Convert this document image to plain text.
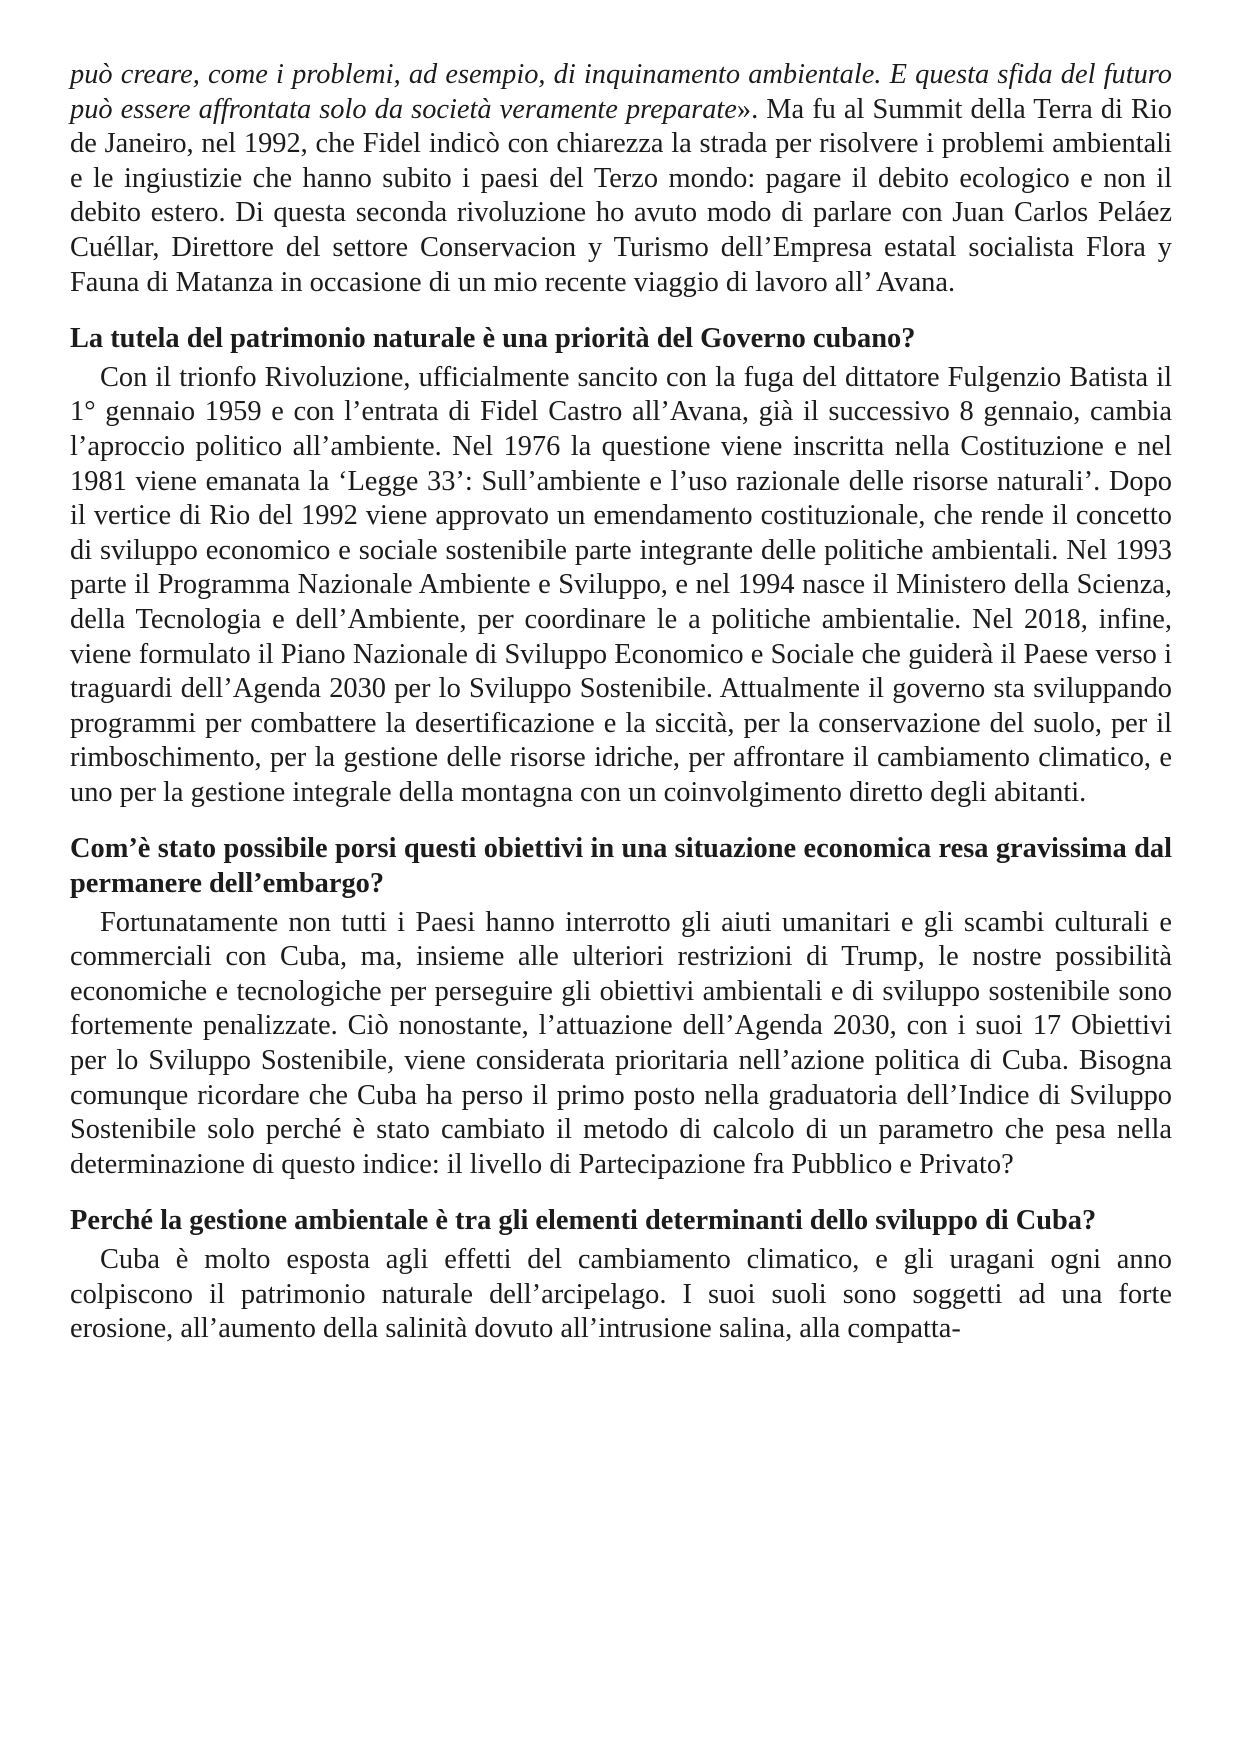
può creare, come i problemi, ad esempio, di inquinamento ambientale. E questa sfida del futuro può essere affrontata solo da società veramente preparate». Ma fu al Summit della Terra di Rio de Janeiro, nel 1992, che Fidel indicò con chiarezza la strada per risolvere i problemi ambientali e le ingiustizie che hanno subito i paesi del Terzo mondo: pagare il debito ecologico e non il debito estero. Di questa seconda rivoluzione ho avuto modo di parlare con Juan Carlos Peláez Cuéllar, Direttore del settore Conservacion y Turismo dell’Empresa estatal socialista Flora y Fauna di Matanza in occasione di un mio recente viaggio di lavoro all’ Avana.

La tutela del patrimonio naturale è una priorità del Governo cubano?

Con il trionfo Rivoluzione, ufficialmente sancito con la fuga del dittatore Fulgenzio Batista il 1° gennaio 1959 e con l’entrata di Fidel Castro all’Avana, già il successivo 8 gennaio, cambia l’aproccio politico all’ambiente. Nel 1976 la questione viene inscritta nella Costituzione e nel 1981 viene emanata la ‘Legge 33’: Sull’ambiente e l’uso razionale delle risorse naturali’. Dopo il vertice di Rio del 1992 viene approvato un emendamento costituzionale, che rende il concetto di sviluppo economico e sociale sostenibile parte integrante delle politiche ambientali. Nel 1993 parte il Programma Nazionale Ambiente e Sviluppo, e nel 1994 nasce il Ministero della Scienza, della Tecnologia e dell’Ambiente, per coordinare le a politiche ambientalie. Nel 2018, infine, viene formulato il Piano Nazionale di Sviluppo Economico e Sociale che guiderà il Paese verso i traguardi dell’Agenda 2030 per lo Sviluppo Sostenibile. Attualmente il governo sta sviluppando programmi per combattere la desertificazione e la siccità, per la conservazione del suolo, per il rimboschimento, per la gestione delle risorse idriche, per affrontare il cambiamento climatico, e uno per la gestione integrale della montagna con un coinvolgimento diretto degli abitanti.

Com’è stato possibile porsi questi obiettivi in una situazione economica resa gravissima dal permanere dell’embargo?

Fortunatamente non tutti i Paesi hanno interrotto gli aiuti umanitari e gli scambi culturali e commerciali con Cuba, ma, insieme alle ulteriori restrizioni di Trump, le nostre possibilità economiche e tecnologiche per perseguire gli obiettivi ambientali e di sviluppo sostenibile sono fortemente penalizzate. Ciò nonostante, l’attuazione dell’Agenda 2030, con i suoi 17 Obiettivi per lo Sviluppo Sostenibile, viene considerata prioritaria nell’azione politica di Cuba. Bisogna comunque ricordare che Cuba ha perso il primo posto nella graduatoria dell’Indice di Sviluppo Sostenibile solo perché è stato cambiato il metodo di calcolo di un parametro che pesa nella determinazione di questo indice: il livello di Partecipazione fra Pubblico e Privato?

Perché la gestione ambientale è tra gli elementi determinanti dello sviluppo di Cuba?

Cuba è molto esposta agli effetti del cambiamento climatico, e gli uragani ogni anno colpiscono il patrimonio naturale dell’arcipelago. I suoi suoli sono soggetti ad una forte erosione, all’aumento della salinità dovuto all’intrusione salina, alla compatta-
